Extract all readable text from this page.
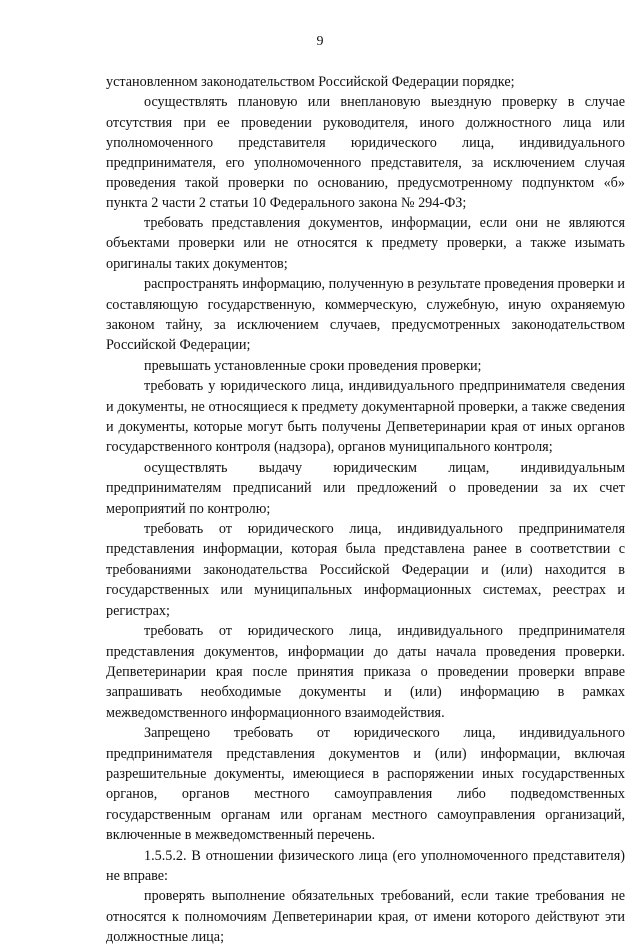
9

установленном законодательством Российской Федерации порядке;

осуществлять плановую или внеплановую выездную проверку в случае отсутствия при ее проведении руководителя, иного должностного лица или уполномоченного представителя юридического лица, индивидуального предпринимателя, его уполномоченного представителя, за исключением случая проведения такой проверки по основанию, предусмотренному подпунктом «б» пункта 2 части 2 статьи 10 Федерального закона № 294-ФЗ;

требовать представления документов, информации, если они не являются объектами проверки или не относятся к предмету проверки, а также изымать оригиналы таких документов;

распространять информацию, полученную в результате проведения проверки и составляющую государственную, коммерческую, служебную, иную охраняемую законом тайну, за исключением случаев, предусмотренных законодательством Российской Федерации;

превышать установленные сроки проведения проверки;

требовать у юридического лица, индивидуального предпринимателя сведения и документы, не относящиеся к предмету документарной проверки, а также сведения и документы, которые могут быть получены Депветеринарии края от иных органов государственного контроля (надзора), органов муниципального контроля;

осуществлять выдачу юридическим лицам, индивидуальным предпринимателям предписаний или предложений о проведении за их счет мероприятий по контролю;

требовать от юридического лица, индивидуального предпринимателя представления информации, которая была представлена ранее в соответствии с требованиями законодательства Российской Федерации и (или) находится в государственных или муниципальных информационных системах, реестрах и регистрах;

требовать от юридического лица, индивидуального предпринимателя представления документов, информации до даты начала проведения проверки. Депветеринарии края после принятия приказа о проведении проверки вправе запрашивать необходимые документы и (или) информацию в рамках межведомственного информационного взаимодействия.

Запрещено требовать от юридического лица, индивидуального предпринимателя представления документов и (или) информации, включая разрешительные документы, имеющиеся в распоряжении иных государственных органов, органов местного самоуправления либо подведомственных государственным органам или органам местного самоуправления организаций, включенные в межведомственный перечень.

1.5.5.2. В отношении физического лица (его уполномоченного представителя) не вправе:

проверять выполнение обязательных требований, если такие требования не относятся к полномочиям Депветеринарии края, от имени которого действуют эти должностные лица;
